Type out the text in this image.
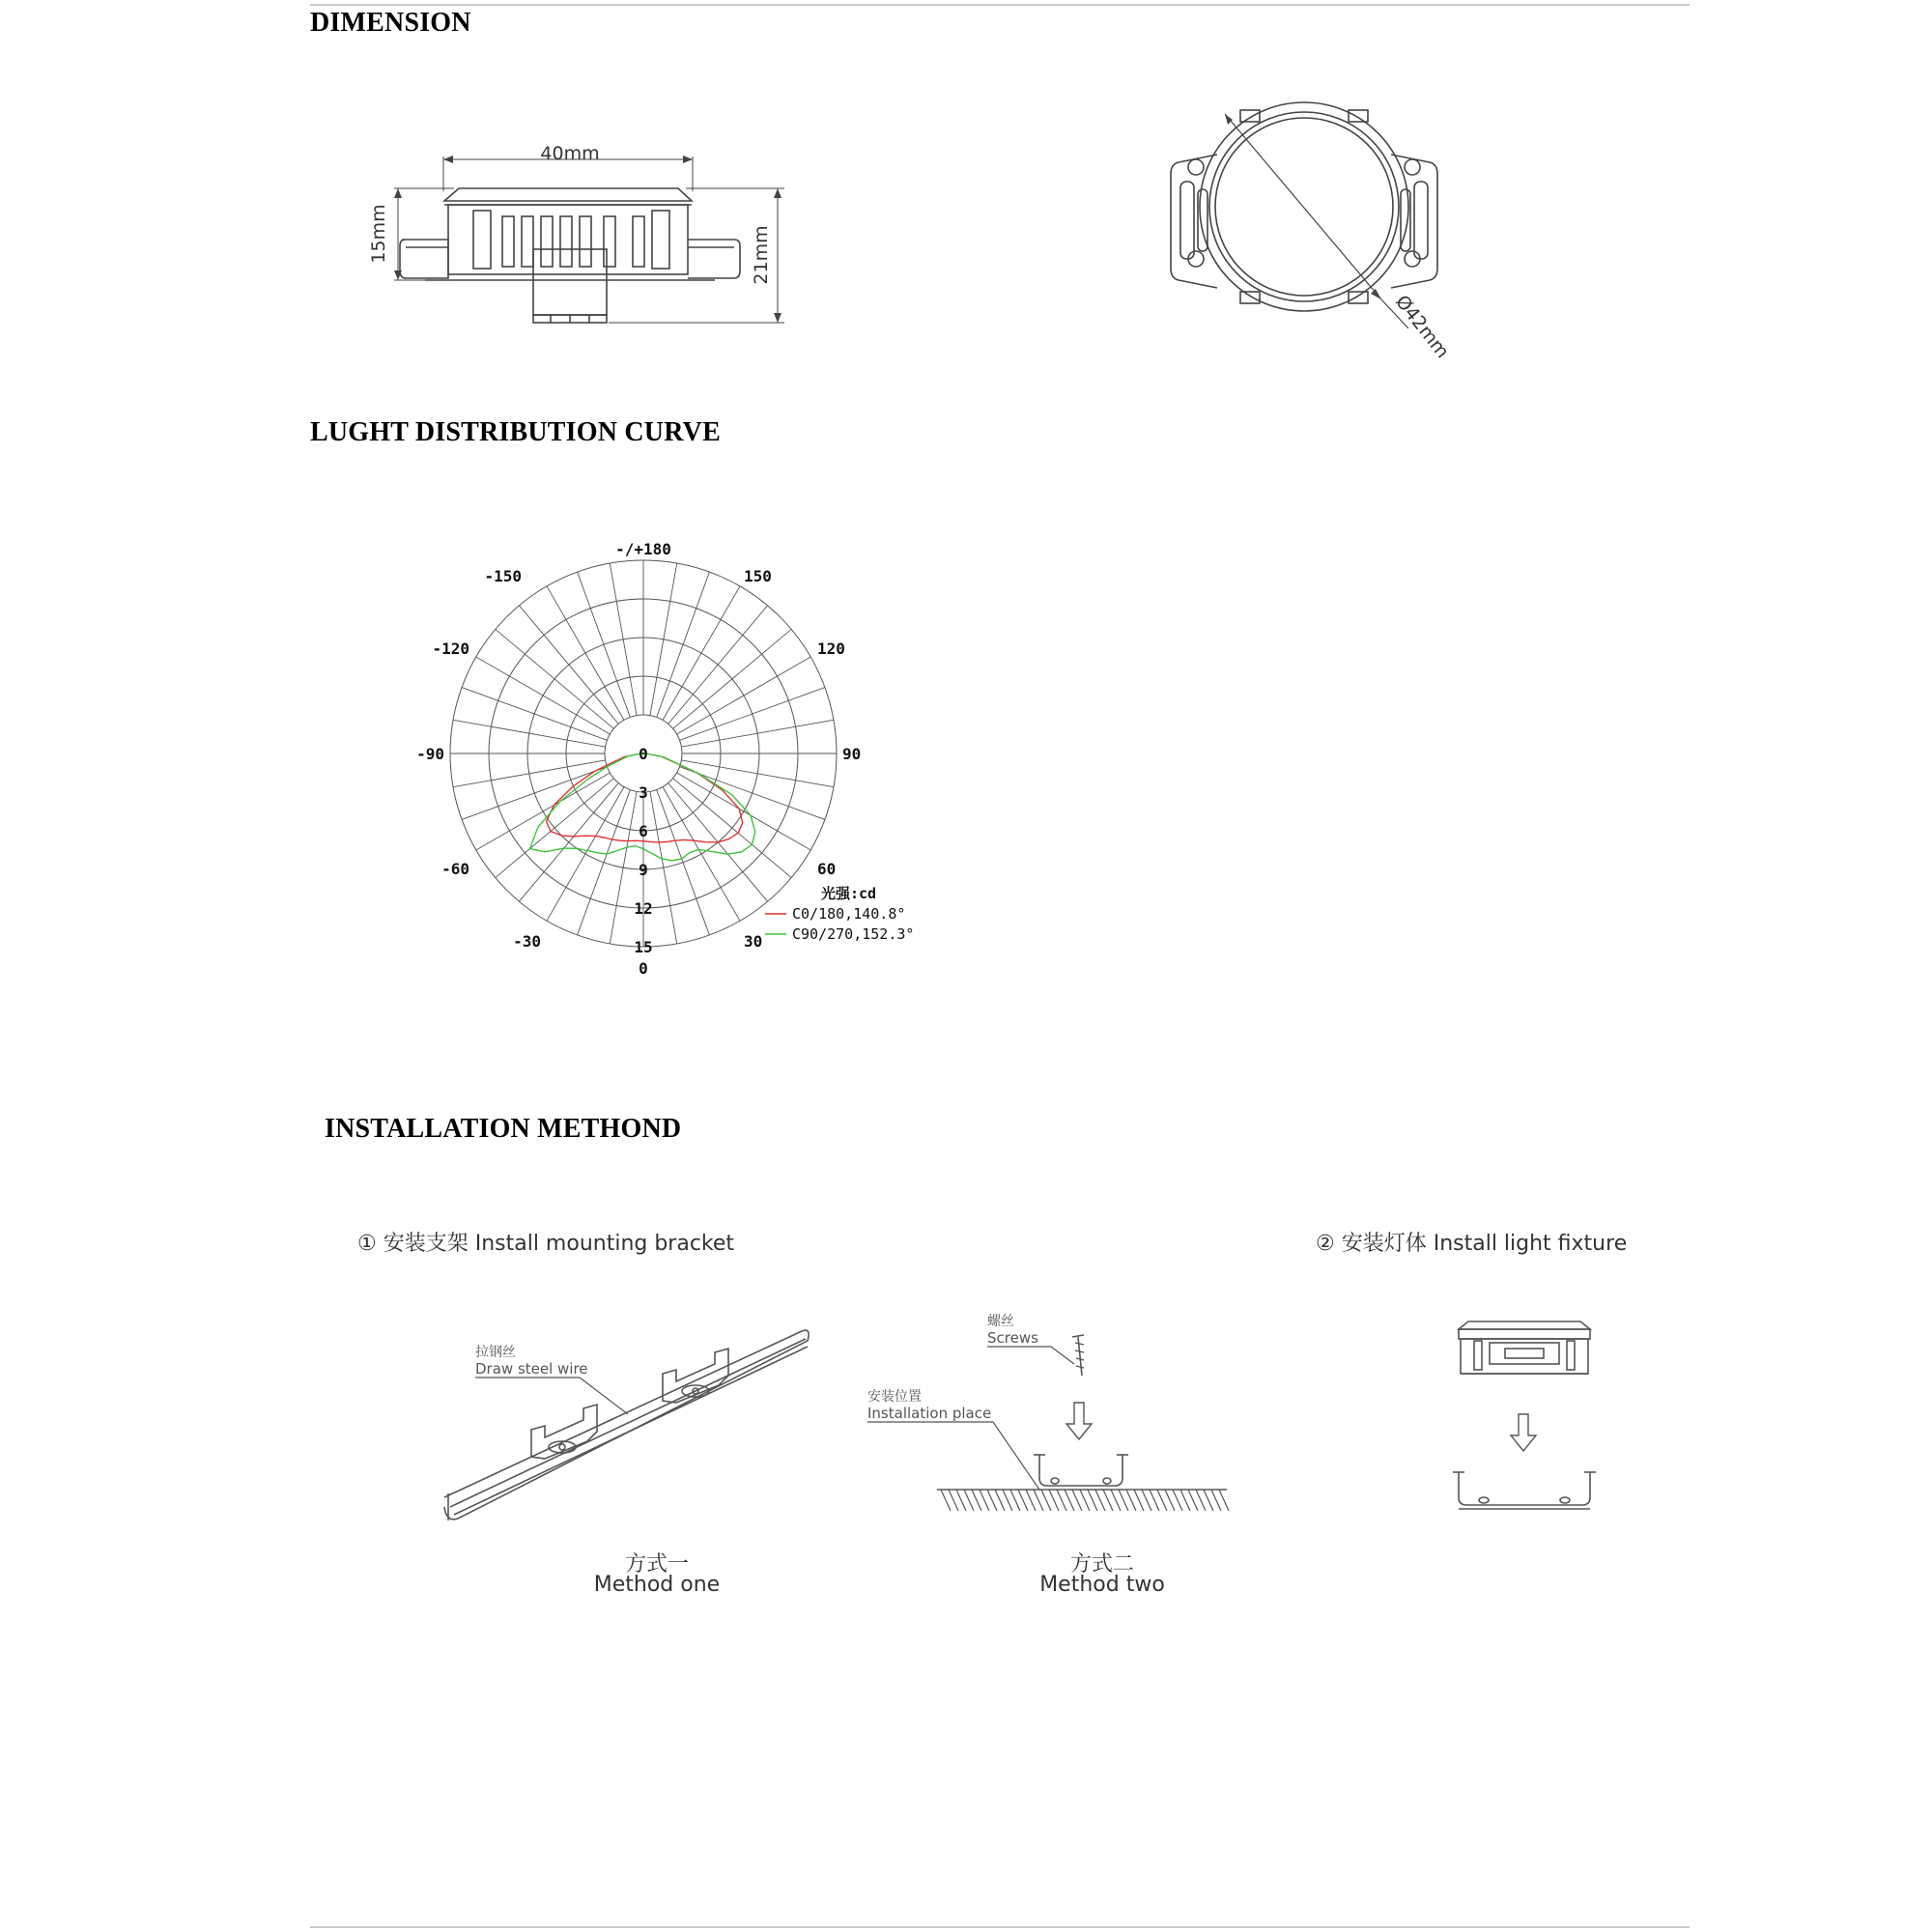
DIMENSION
LUGHT DISTRIBUTION CURVE
INSTALLATION METHOND
40mm
15mm	21mm
Ø42mm
-/+180
-150	150
-120	120
-90	90
-60	60
-30	30
0
0
3
6
9
12
15
光强:cd
C0/180,140.8°
C90/270,152.3°
① 安装支架 Install mounting bracket	② 安装灯体 Install light fixture
拉钢丝
Draw steel wire
方式一
Method one
螺丝
Screws
安装位置
Installation place
方式二
Method two
